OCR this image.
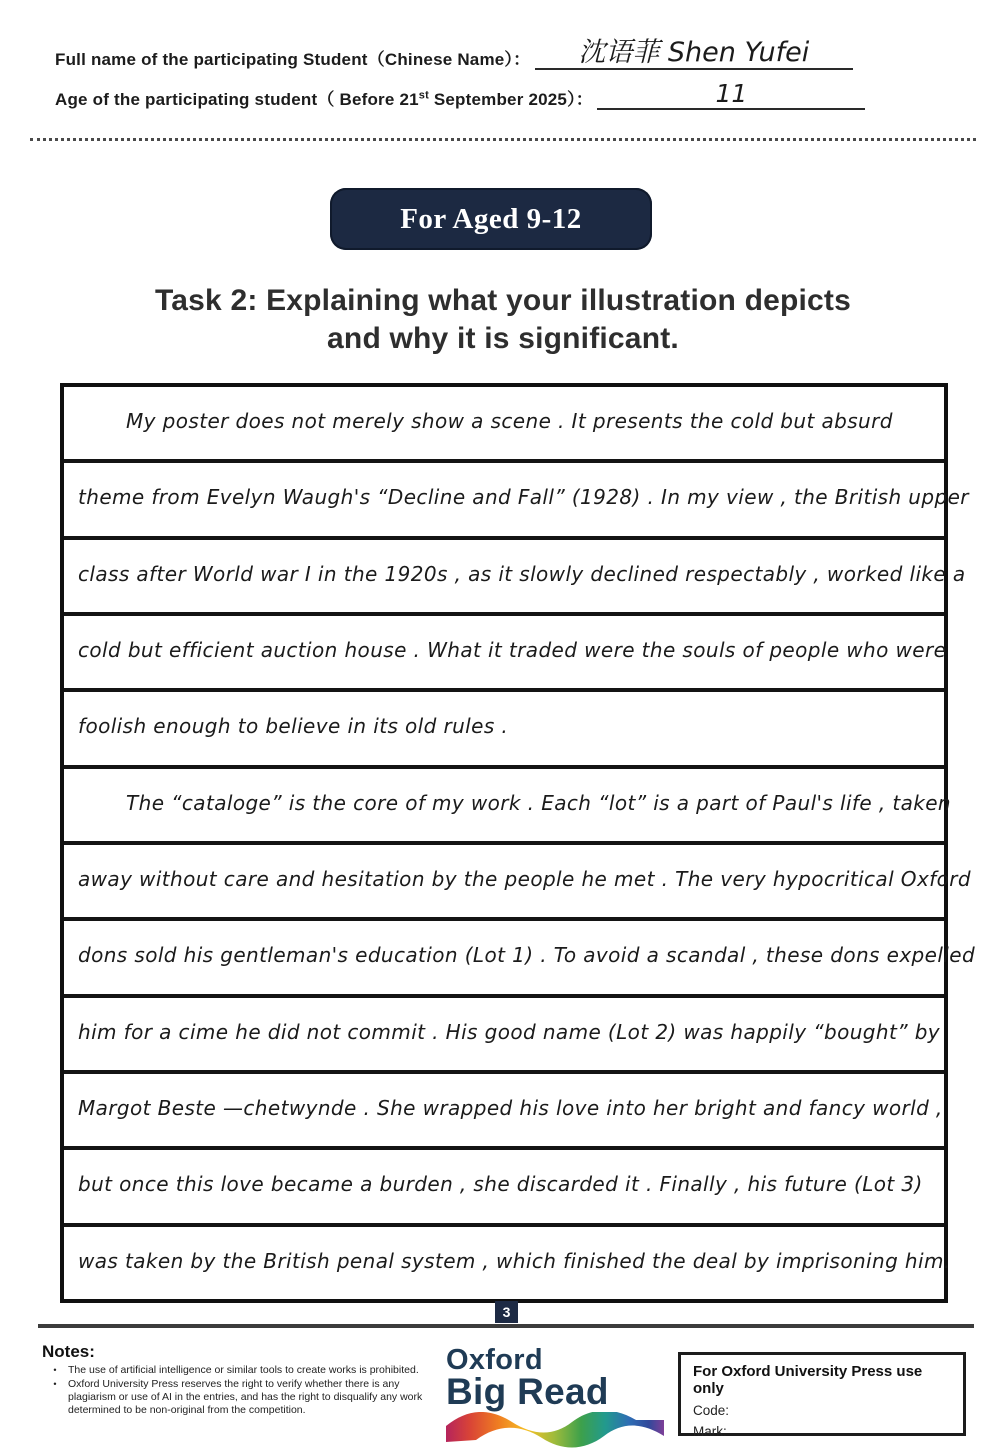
Full name of the participating Student（Chinese Name）： 沈语菲 Shen Yufei
Age of the participating student（ Before 21st September 2025）：	11
For Aged 9-12
Task 2: Explaining what your illustration depicts
and why it is significant.
My poster does not merely show a scene . It presents the cold but absurd
theme from Evelyn Waugh's “Decline and Fall” (1928) . In my view , the British upper
class after World war I in the 1920s , as it slowly declined respectably , worked like a
cold but efficient auction house . What it traded were the souls of people who were
foolish enough to believe in its old rules .
The “cataloge” is the core of my work . Each “lot” is a part of Paul's life , taken
away without care and hesitation by the people he met . The very hypocritical Oxford
dons sold his gentleman's education (Lot 1) . To avoid a scandal , these dons expelled
him for a cime he did not commit . His good name (Lot 2) was happily “bought” by
Margot Beste —chetwynde . She wrapped his love into her bright and fancy world ,
but once this love became a burden , she discarded it . Finally , his future (Lot 3)
was taken by the British penal system , which finished the deal by imprisoning him.
3
Notes:
•	The use of artificial intelligence or similar tools to create works is prohibited.
•	Oxford University Press reserves the right to verify whether there is any plagiarism or use of AI in the entries, and has the right to disqualify any work determined to be non-original from the competition.
Oxford
Big Read	For Oxford University Press use only
Code:
Mark:
